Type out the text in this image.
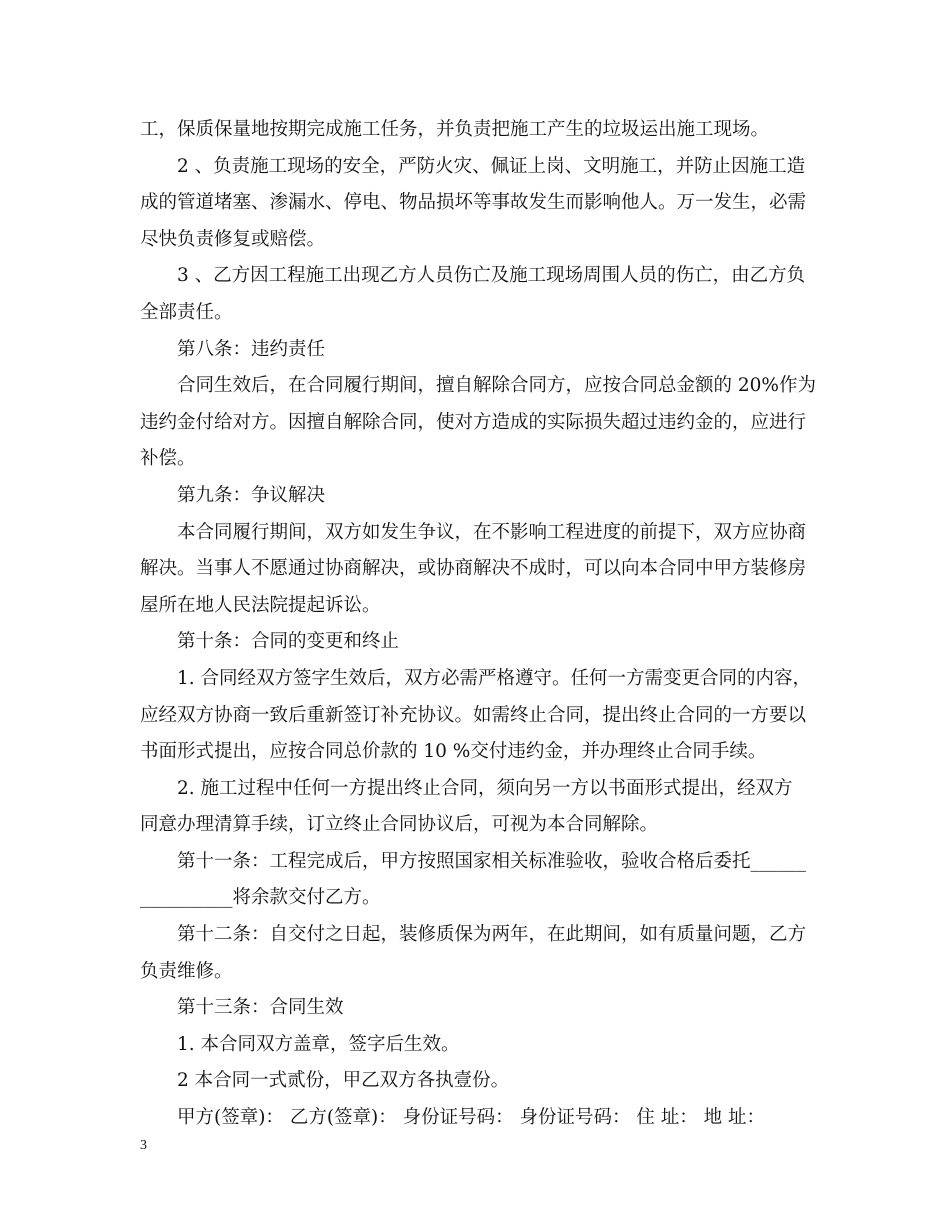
工，保质保量地按期完成施工任务，并负责把施工产生的垃圾运出施工现场。
2 、负责施工现场的安全，严防火灾、佩证上岗、文明施工，并防止因施工造
成的管道堵塞、渗漏水、停电、物品损坏等事故发生而影响他人。万一发生，必需
尽快负责修复或赔偿。
3 、乙方因工程施工出现乙方人员伤亡及施工现场周围人员的伤亡，由乙方负
全部责任。
第八条：违约责任
合同生效后，在合同履行期间，擅自解除合同方，应按合同总金额的 20%作为
违约金付给对方。因擅自解除合同，使对方造成的实际损失超过违约金的，应进行
补偿。
第九条：争议解决
本合同履行期间，双方如发生争议，在不影响工程进度的前提下，双方应协商
解决。当事人不愿通过协商解决，或协商解决不成时，可以向本合同中甲方装修房
屋所在地人民法院提起诉讼。
第十条：合同的变更和终止
1. 合同经双方签字生效后，双方必需严格遵守。任何一方需变更合同的内容，
应经双方协商一致后重新签订补充协议。如需终止合同，提出终止合同的一方要以
书面形式提出，应按合同总价款的 10 %交付违约金，并办理终止合同手续。
2. 施工过程中任何一方提出终止合同，须向另一方以书面形式提出，经双方
同意办理清算手续，订立终止合同协议后，可视为本合同解除。
第十一条：工程完成后，甲方按照国家相关标准验收，验收合格后委托______
__________将余款交付乙方。
第十二条：自交付之日起，装修质保为两年，在此期间，如有质量问题，乙方
负责维修。
第十三条：合同生效
1. 本合同双方盖章，签字后生效。
2 本合同一式贰份，甲乙双方各执壹份。
甲方(签章)： 乙方(签章)： 身份证号码： 身份证号码： 住 址： 地 址：
3
